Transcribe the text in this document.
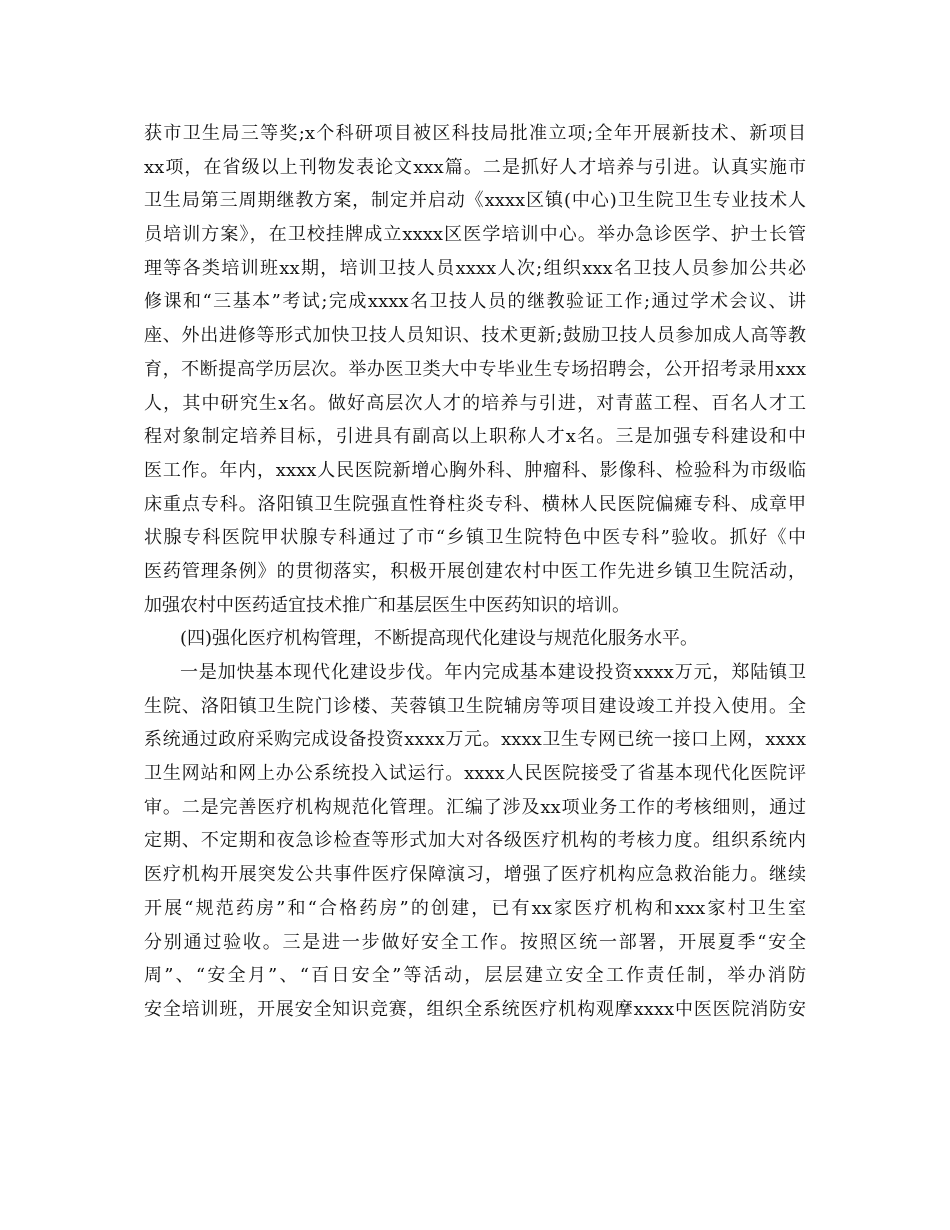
获市卫生局三等奖;x个科研项目被区科技局批准立项;全年开展新技术、新项目
xx项，在省级以上刊物发表论文xxx篇。二是抓好人才培养与引进。认真实施市
卫生局第三周期继教方案，制定并启动《xxxx区镇(中心)卫生院卫生专业技术人
员培训方案》，在卫校挂牌成立xxxx区医学培训中心。举办急诊医学、护士长管
理等各类培训班xx期，培训卫技人员xxxx人次;组织xxx名卫技人员参加公共必
修课和“三基本”考试;完成xxxx名卫技人员的继教验证工作;通过学术会议、讲
座、外出进修等形式加快卫技人员知识、技术更新;鼓励卫技人员参加成人高等教
育，不断提高学历层次。举办医卫类大中专毕业生专场招聘会，公开招考录用xxx
人，其中研究生x名。做好高层次人才的培养与引进，对青蓝工程、百名人才工
程对象制定培养目标，引进具有副高以上职称人才x名。三是加强专科建设和中
医工作。年内，xxxx人民医院新增心胸外科、肿瘤科、影像科、检验科为市级临
床重点专科。洛阳镇卫生院强直性脊柱炎专科、横林人民医院偏瘫专科、成章甲
状腺专科医院甲状腺专科通过了市“乡镇卫生院特色中医专科”验收。抓好《中
医药管理条例》的贯彻落实，积极开展创建农村中医工作先进乡镇卫生院活动，
加强农村中医药适宜技术推广和基层医生中医药知识的培训。
(四)强化医疗机构管理，不断提高现代化建设与规范化服务水平。
一是加快基本现代化建设步伐。年内完成基本建设投资xxxx万元，郑陆镇卫
生院、洛阳镇卫生院门诊楼、芙蓉镇卫生院辅房等项目建设竣工并投入使用。全
系统通过政府采购完成设备投资xxxx万元。xxxx卫生专网已统一接口上网，xxxx
卫生网站和网上办公系统投入试运行。xxxx人民医院接受了省基本现代化医院评
审。二是完善医疗机构规范化管理。汇编了涉及xx项业务工作的考核细则，通过
定期、不定期和夜急诊检查等形式加大对各级医疗机构的考核力度。组织系统内
医疗机构开展突发公共事件医疗保障演习，增强了医疗机构应急救治能力。继续
开展“规范药房”和“合格药房”的创建，已有xx家医疗机构和xxx家村卫生室
分别通过验收。三是进一步做好安全工作。按照区统一部署，开展夏季“安全
周”、“安全月”、“百日安全”等活动，层层建立安全工作责任制，举办消防
安全培训班，开展安全知识竞赛，组织全系统医疗机构观摩xxxx中医医院消防安
